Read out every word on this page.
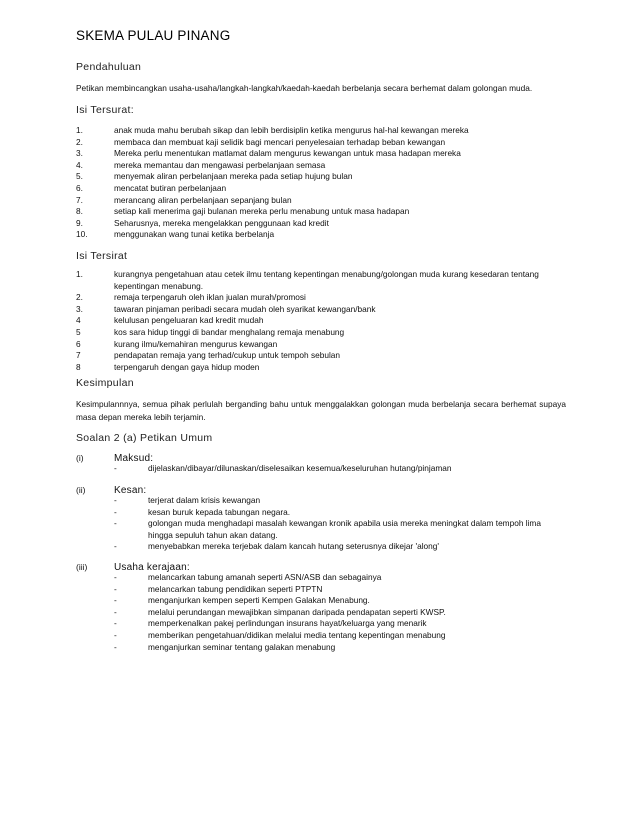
SKEMA PULAU PINANG
Pendahuluan
Petikan membincangkan usaha-usaha/langkah-langkah/kaedah-kaedah berbelanja secara berhemat dalam golongan muda.
Isi Tersurat:
1.	anak muda mahu berubah sikap dan lebih berdisiplin ketika mengurus hal-hal kewangan mereka
2.	membaca dan membuat kaji selidik bagi mencari penyelesaian terhadap beban kewangan
3.	Mereka perlu menentukan matlamat dalam mengurus kewangan untuk masa hadapan mereka
4.	mereka memantau dan mengawasi perbelanjaan semasa
5.	menyemak aliran perbelanjaan mereka pada setiap hujung bulan
6.	mencatat butiran perbelanjaan
7.	merancang aliran perbelanjaan sepanjang bulan
8.	setiap kali menerima gaji bulanan mereka perlu menabung untuk masa hadapan
9.	Seharusnya, mereka mengelakkan penggunaan kad kredit
10.	menggunakan wang tunai ketika berbelanja
Isi Tersirat
1.	kurangnya pengetahuan atau cetek ilmu tentang kepentingan menabung/golongan muda kurang kesedaran tentang kepentingan menabung.
2.	remaja terpengaruh oleh iklan jualan murah/promosi
3.	tawaran pinjaman peribadi secara mudah oleh syarikat kewangan/bank
4	kelulusan pengeluaran kad kredit mudah
5	kos sara hidup tinggi di bandar menghalang remaja menabung
6	kurang ilmu/kemahiran mengurus kewangan
7	pendapatan remaja yang terhad/cukup untuk tempoh sebulan
8	terpengaruh dengan gaya hidup moden
Kesimpulan
Kesimpulannnya, semua pihak perlulah berganding bahu untuk menggalakkan golongan muda berbelanja secara berhemat supaya masa depan mereka lebih terjamin.
Soalan 2 (a) Petikan Umum
(i)	Maksud:
-	dijelaskan/dibayar/dilunaskan/diselesaikan kesemua/keseluruhan hutang/pinjaman
(ii)	Kesan:
-	terjerat dalam krisis kewangan
-	kesan buruk kepada tabungan negara.
-	golongan muda menghadapi masalah kewangan kronik apabila usia mereka meningkat dalam tempoh lima hingga sepuluh tahun akan datang.
-	menyebabkan mereka terjebak dalam kancah hutang seterusnya dikejar 'along'
(iii)	Usaha kerajaan:
-	melancarkan tabung amanah seperti ASN/ASB dan sebagainya
-	melancarkan tabung pendidikan seperti PTPTN
-	menganjurkan kempen seperti Kempen Galakan Menabung.
-	melalui perundangan mewajibkan simpanan daripada pendapatan seperti KWSP.
-	memperkenalkan pakej perlindungan insurans hayat/keluarga yang menarik
-	memberikan pengetahuan/didikan melalui media tentang kepentingan menabung
-	menganjurkan seminar tentang galakan menabung
